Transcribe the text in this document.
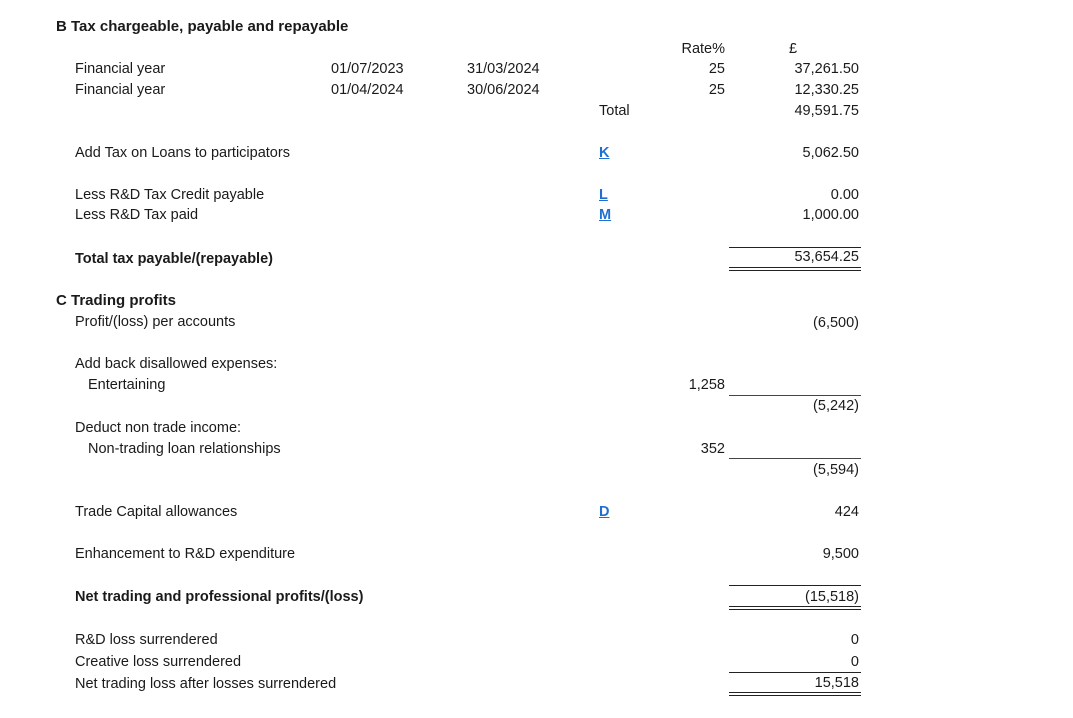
B Tax chargeable, payable and repayable
Rate%	£
Financial year	01/07/2023	31/03/2024	25	37,261.50
Financial year	01/04/2024	30/06/2024	25	12,330.25
Total	49,591.75
Add Tax on Loans to participators	K	5,062.50
Less R&D Tax Credit payable	L	0.00
Less R&D Tax paid	M	1,000.00
Total tax payable/(repayable)	53,654.25
C Trading profits
Profit/(loss) per accounts	(6,500)
Add back disallowed expenses:
Entertaining	1,258
(5,242)
Deduct non trade income:
Non-trading loan relationships	352
(5,594)
Trade Capital allowances	D	424
Enhancement to R&D expenditure	9,500
Net trading and professional profits/(loss)	(15,518)
R&D loss surrendered	0
Creative loss surrendered	0
Net trading loss after losses surrendered	15,518
